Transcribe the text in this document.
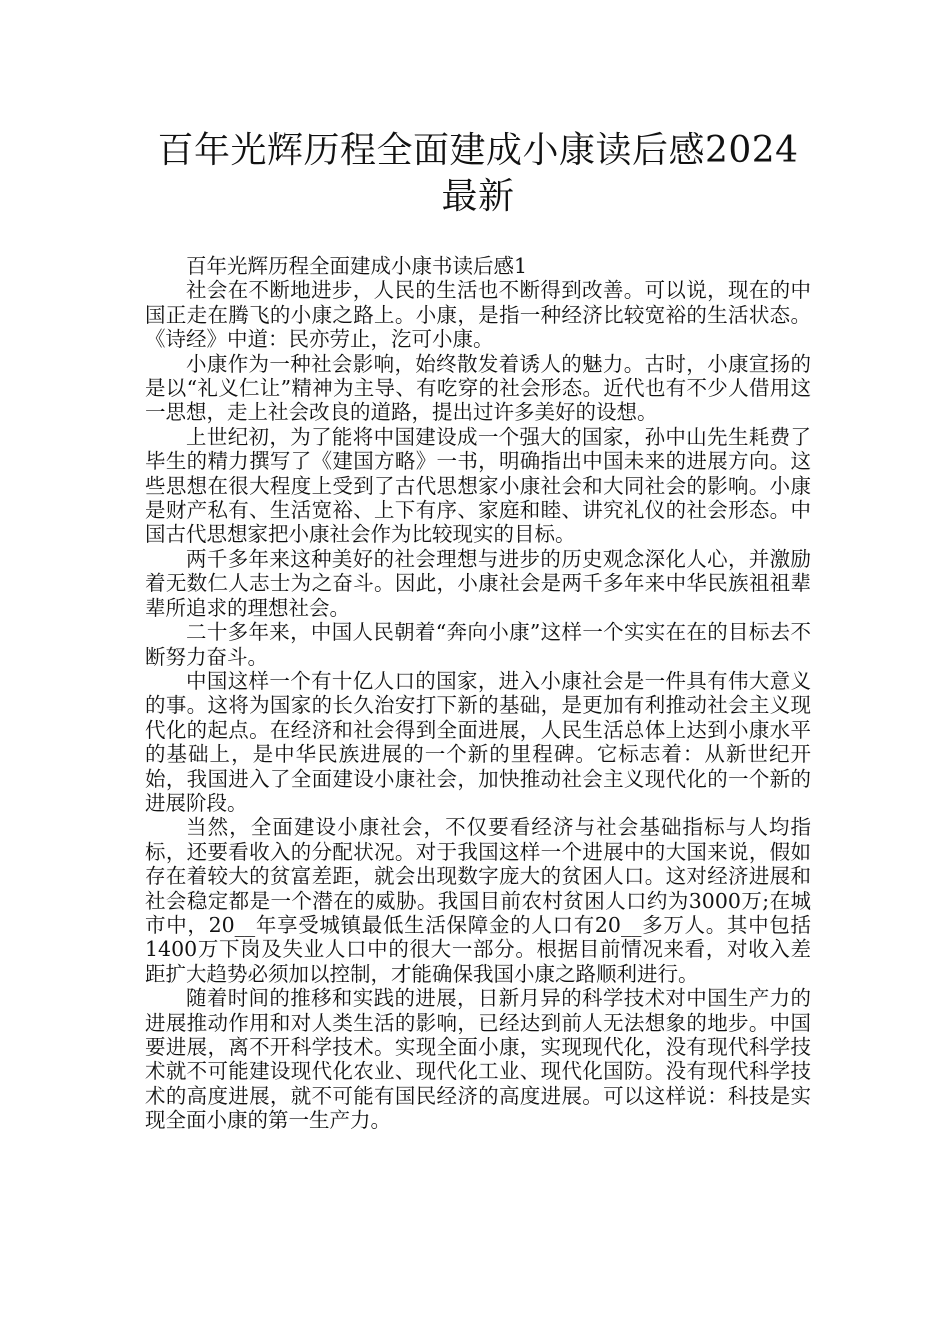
百年光辉历程全面建成小康读后感2024最新

百年光辉历程全面建成小康书读后感1

社会在不断地进步，人民的生活也不断得到改善。可以说，现在的中国正走在腾飞的小康之路上。小康，是指一种经济比较宽裕的生活状态。《诗经》中道：民亦劳止，汔可小康。

小康作为一种社会影响，始终散发着诱人的魅力。古时，小康宣扬的是以“礼义仁让”精神为主导、有吃穿的社会形态。近代也有不少人借用这一思想，走上社会改良的道路，提出过许多美好的设想。

上世纪初，为了能将中国建设成一个强大的国家，孙中山先生耗费了毕生的精力撰写了《建国方略》一书，明确指出中国未来的进展方向。这些思想在很大程度上受到了古代思想家小康社会和大同社会的影响。小康是财产私有、生活宽裕、上下有序、家庭和睦、讲究礼仪的社会形态。中国古代思想家把小康社会作为比较现实的目标。

两千多年来这种美好的社会理想与进步的历史观念深化人心，并激励着无数仁人志士为之奋斗。因此，小康社会是两千多年来中华民族祖祖辈辈所追求的理想社会。

二十多年来，中国人民朝着“奔向小康”这样一个实实在在的目标去不断努力奋斗。

中国这样一个有十亿人口的国家，进入小康社会是一件具有伟大意义的事。这将为国家的长久治安打下新的基础，是更加有利推动社会主义现代化的起点。在经济和社会得到全面进展，人民生活总体上达到小康水平的基础上，是中华民族进展的一个新的里程碑。它标志着：从新世纪开始，我国进入了全面建设小康社会，加快推动社会主义现代化的一个新的进展阶段。

当然，全面建设小康社会，不仅要看经济与社会基础指标与人均指标，还要看收入的分配状况。对于我国这样一个进展中的大国来说，假如存在着较大的贫富差距，就会出现数字庞大的贫困人口。这对经济进展和社会稳定都是一个潜在的威胁。我国目前农村贫困人口约为3000万;在城市中，20__年享受城镇最低生活保障金的人口有20__多万人。其中包括1400万下岗及失业人口中的很大一部分。根据目前情况来看，对收入差距扩大趋势必须加以控制，才能确保我国小康之路顺利进行。

随着时间的推移和实践的进展，日新月异的科学技术对中国生产力的进展推动作用和对人类生活的影响，已经达到前人无法想象的地步。中国要进展，离不开科学技术。实现全面小康，实现现代化，没有现代科学技术就不可能建设现代化农业、现代化工业、现代化国防。没有现代科学技术的高度进展，就不可能有国民经济的高度进展。可以这样说：科技是实现全面小康的第一生产力。
